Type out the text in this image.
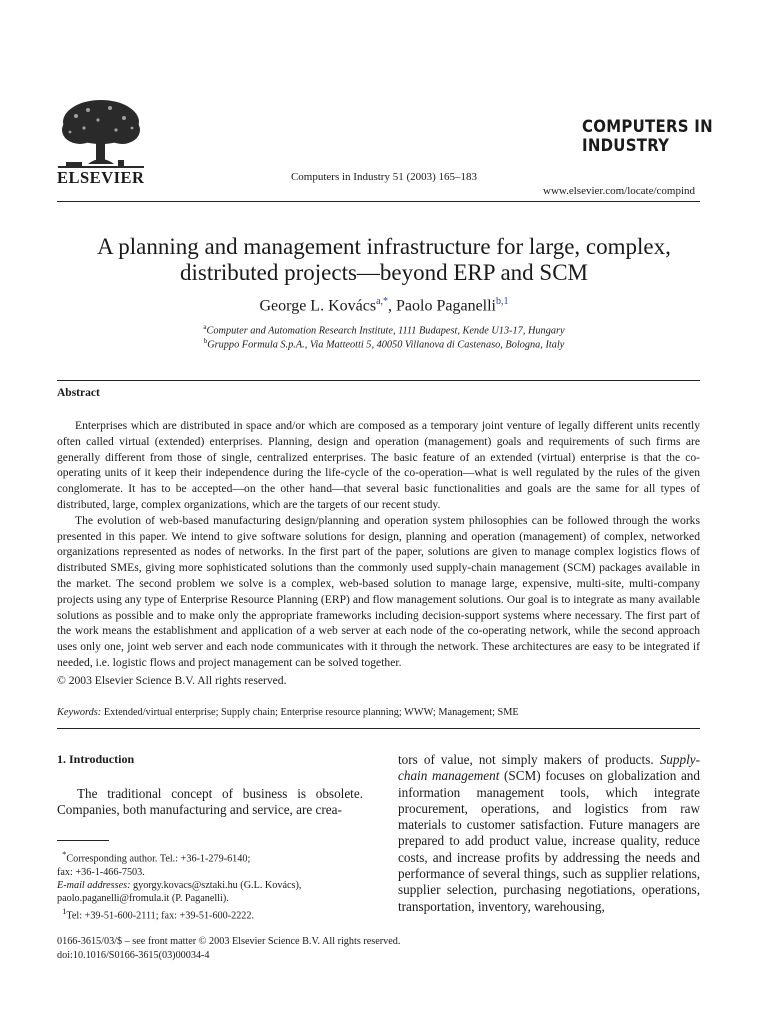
ELSEVIER	Computers in Industry 51 (2003) 165–183
COMPUTERS IN
INDUSTRY
www.elsevier.com/locate/compind
A planning and management infrastructure for large, complex,
distributed projects—beyond ERP and SCM
George L. Kovács$^{a,*}$, Paolo Paganelli$^{b,1}$
$^a$Computer and Automation Research Institute, 1111 Budapest, Kende U13-17, Hungary
$^b$Gruppo Formula S.p.A., Via Matteotti 5, 40050 Villanova di Castenaso, Bologna, Italy
Abstract

Enterprises which are distributed in space and/or which are composed as a temporary joint venture of legally different units recently often called virtual (extended) enterprises. Planning, design and operation (management) goals and requirements of such firms are generally different from those of single, centralized enterprises. The basic feature of an extended (virtual) enterprise is that the co-operating units of it keep their independence during the life-cycle of the co-operation—what is well regulated by the rules of the given conglomerate. It has to be accepted—on the other hand—that several basic functionalities and goals are the same for all types of distributed, large, complex organizations, which are the targets of our recent study.

The evolution of web-based manufacturing design/planning and operation system philosophies can be followed through the works presented in this paper. We intend to give software solutions for design, planning and operation (management) of complex, networked organizations represented as nodes of networks. In the first part of the paper, solutions are given to manage complex logistics flows of distributed SMEs, giving more sophisticated solutions than the commonly used supply-chain management (SCM) packages available in the market. The second problem we solve is a complex, web-based solution to manage large, expensive, multi-site, multi-company projects using any type of Enterprise Resource Planning (ERP) and flow management solutions. Our goal is to integrate as many available solutions as possible and to make only the appropriate frameworks including decision-support systems where necessary. The first part of the work means the establishment and application of a web server at each node of the co-operating network, while the second approach uses only one, joint web server and each node communicates with it through the network. These architectures are easy to be integrated if needed, i.e. logistic flows and project management can be solved together.

© 2003 Elsevier Science B.V. All rights reserved.
Keywords: Extended/virtual enterprise; Supply chain; Enterprise resource planning; WWW; Management; SME
1. Introduction

The traditional concept of business is obsolete. Companies, both manufacturing and service, are crea-

tors of value, not simply makers of products. Supply-chain management (SCM) focuses on globalization and information management tools, which integrate procurement, operations, and logistics from raw materials to customer satisfaction. Future managers are prepared to add product value, increase quality, reduce costs, and increase profits by addressing the needs and performance of several things, such as supplier relations, supplier selection, purchasing negotiations, operations, transportation, inventory, warehousing,

*Corresponding author. Tel.: +36-1-279-6140;
fax: +36-1-466-7503.
E-mail addresses: gyorgy.kovacs@sztaki.hu (G.L. Kovács),
paolo.paganelli@fromula.it (P. Paganelli).
$^1$Tel: +39-51-600-2111; fax: +39-51-600-2222.
0166-3615/03/$ – see front matter © 2003 Elsevier Science B.V. All rights reserved.
doi:10.1016/S0166-3615(03)00034-4
